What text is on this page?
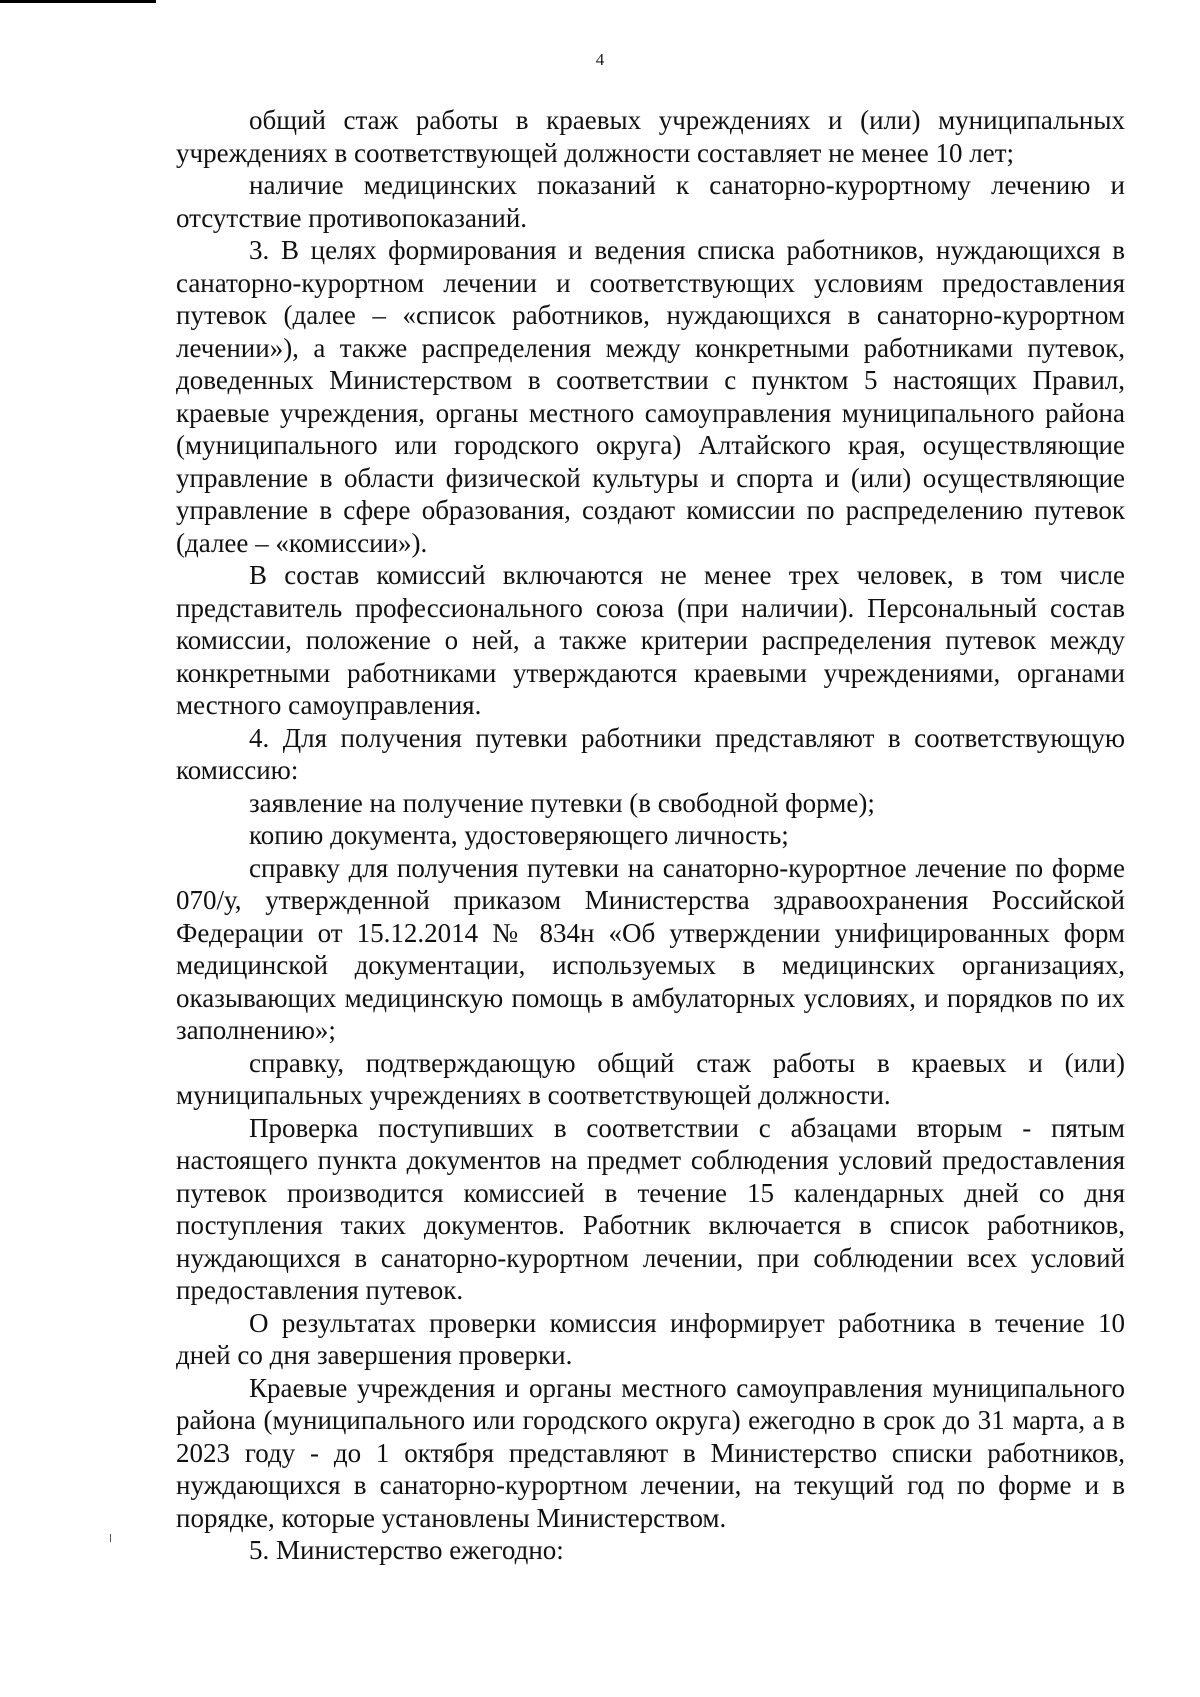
4

общий стаж работы в краевых учреждениях и (или) муниципальных учреждениях в соответствующей должности составляет не менее 10 лет;

наличие медицинских показаний к санаторно-курортному лечению и отсутствие противопоказаний.

3. В целях формирования и ведения списка работников, нуждающихся в санаторно-курортном лечении и соответствующих условиям предоставления путевок (далее – «список работников, нуждающихся в санаторно-курортном лечении»), а также распределения между конкретными работниками путевок, доведенных Министерством в соответствии с пунктом 5 настоящих Правил, краевые учреждения, органы местного самоуправления муниципального района (муниципального или городского округа) Алтайского края, осуществляющие управление в области физической культуры и спорта и (или) осуществляющие управление в сфере образования, создают комиссии по распределению путевок (далее – «комиссии»).

В состав комиссий включаются не менее трех человек, в том числе представитель профессионального союза (при наличии). Персональный состав комиссии, положение о ней, а также критерии распределения путевок между конкретными работниками утверждаются краевыми учреждениями, органами местного самоуправления.

4. Для получения путевки работники представляют в соответствующую комиссию:

заявление на получение путевки (в свободной форме);

копию документа, удостоверяющего личность;

справку для получения путевки на санаторно-курортное лечение по форме 070/у, утвержденной приказом Министерства здравоохранения Российской Федерации от 15.12.2014 № 834н «Об утверждении унифицированных форм медицинской документации, используемых в медицинских организациях, оказывающих медицинскую помощь в амбулаторных условиях, и порядков по их заполнению»;

справку, подтверждающую общий стаж работы в краевых и (или) муниципальных учреждениях в соответствующей должности.

Проверка поступивших в соответствии с абзацами вторым - пятым настоящего пункта документов на предмет соблюдения условий предоставления путевок производится комиссией в течение 15 календарных дней со дня поступления таких документов. Работник включается в список работников, нуждающихся в санаторно-курортном лечении, при соблюдении всех условий предоставления путевок.

О результатах проверки комиссия информирует работника в течение 10 дней со дня завершения проверки.

Краевые учреждения и органы местного самоуправления муниципального района (муниципального или городского округа) ежегодно в срок до 31 марта, а в 2023 году - до 1 октября представляют в Министерство списки работников, нуждающихся в санаторно-курортном лечении, на текущий год по форме и в порядке, которые установлены Министерством.

5. Министерство ежегодно:
